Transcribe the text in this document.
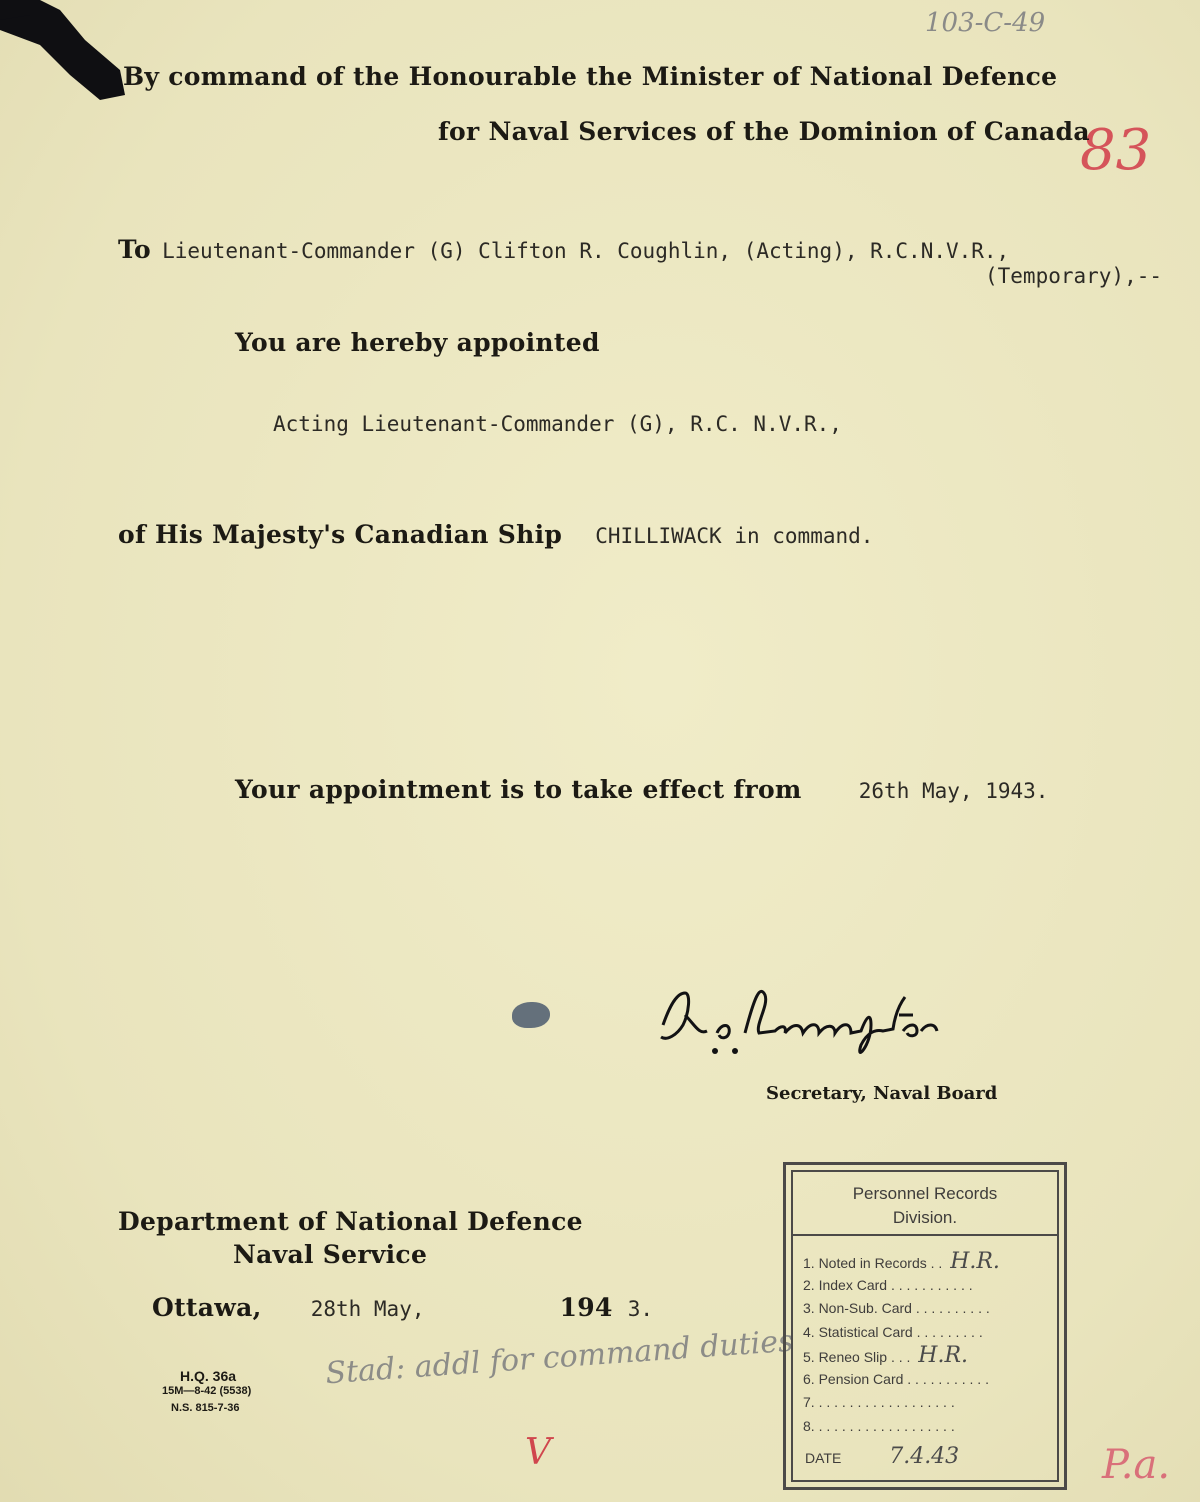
103-C-49
83
By command of the Honourable the Minister of National Defence
for Naval Services of the Dominion of Canada
To Lieutenant-Commander (G) Clifton R. Coughlin, (Acting), R.C.N.V.R.,
(Temporary),--
You are hereby appointed
Acting Lieutenant-Commander (G), R.C. N.V.R.,
of His Majesty's Canadian Ship CHILLIWACK in command.
Your appointment is to take effect from	26th May, 1943.
Secretary, Naval Board
Department of National Defence
Naval Service
Ottawa, 28th May,	194 3.
H.Q. 36a
15M—8-42 (5538)
N.S. 815-7-36
Stad: addl for command duties
V	P.a.
Personnel Records
Division.
1. Noted in Records . . H.R.
2. Index Card . . . . . . . . . . .
3. Non-Sub. Card . . . . . . . . . .
4. Statistical Card . . . . . . . . .
5. Reneo Slip . . . H.R.
6. Pension Card . . . . . . . . . . .
7. . . . . . . . . . . . . . . . . . .
8. . . . . . . . . . . . . . . . . . .
DATE 7.4.43
